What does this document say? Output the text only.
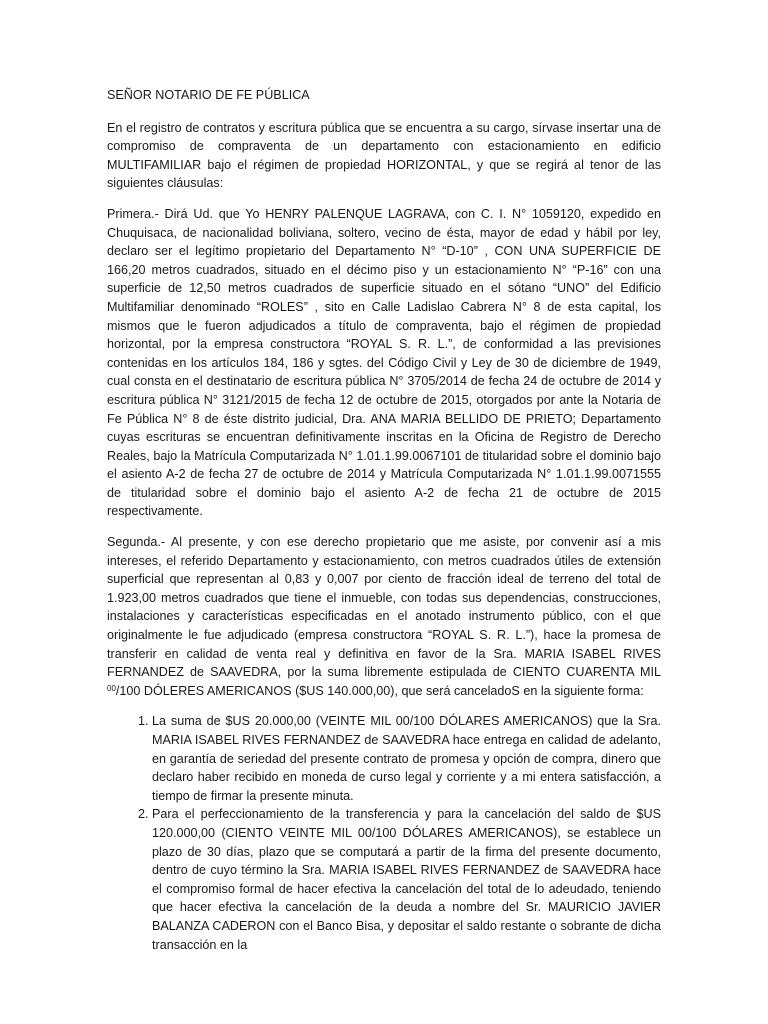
SEÑOR NOTARIO DE FE PÚBLICA

En el registro de contratos y escritura pública que se encuentra a su cargo, sírvase insertar una de compromiso de compraventa de un departamento con estacionamiento en edificio MULTIFAMILIAR bajo el régimen de propiedad HORIZONTAL, y que se regirá al tenor de las siguientes cláusulas:

Primera.- Dirá Ud. que Yo HENRY PALENQUE LAGRAVA, con C. I. N° 1059120, expedido en Chuquisaca, de nacionalidad boliviana, soltero, vecino de ésta, mayor de edad y hábil por ley, declaro ser el legítimo propietario del Departamento N° “D-10” , CON UNA SUPERFICIE DE 166,20 metros cuadrados, situado en el décimo piso y un estacionamiento N° “P-16” con una superficie de 12,50 metros cuadrados de superficie situado en el sótano “UNO” del Edificio Multifamiliar denominado “ROLES” , sito en Calle Ladislao Cabrera N° 8 de esta capital, los mismos que le fueron adjudicados a título de compraventa, bajo el régimen de propiedad horizontal, por la empresa constructora “ROYAL S. R. L.”, de conformidad a las previsiones contenidas en los artículos 184, 186 y sgtes. del Código Civil y Ley de 30 de diciembre de 1949, cual consta en el destinatario de escritura pública N° 3705/2014 de fecha 24 de octubre de 2014 y escritura pública N° 3121/2015 de fecha 12 de octubre de 2015, otorgados por ante la Notaria de Fe Pública N° 8 de éste distrito judicial, Dra. ANA MARIA BELLIDO DE PRIETO; Departamento cuyas escrituras se encuentran definitivamente inscritas en la Oficina de Registro de Derecho Reales, bajo la Matrícula Computarizada N° 1.01.1.99.0067101 de titularidad sobre el dominio bajo el asiento A-2 de fecha 27 de octubre de 2014 y Matrícula Computarizada N° 1.01.1.99.0071555 de titularidad sobre el dominio bajo el asiento A-2 de fecha 21 de octubre de 2015 respectivamente.

Segunda.- Al presente, y con ese derecho propietario que me asiste, por convenir así a mis intereses, el referido Departamento y estacionamiento, con metros cuadrados útiles de extensión superficial que representan al 0,83 y 0,007 por ciento de fracción ideal de terreno del total de 1.923,00 metros cuadrados que tiene el inmueble, con todas sus dependencias, construcciones, instalaciones y características especificadas en el anotado instrumento público, con el que originalmente le fue adjudicado (empresa constructora “ROYAL S. R. L.”), hace la promesa de transferir en calidad de venta real y definitiva en favor de la Sra. MARIA ISABEL RIVES FERNANDEZ de SAAVEDRA, por la suma libremente estipulada de CIENTO CUARENTA MIL $^{00}$/100 DÓLERES AMERICANOS ($US 140.000,00), que será canceladoS en la siguiente forma:

1. La suma de $US 20.000,00 (VEINTE MIL 00/100 DÓLARES AMERICANOS) que la Sra. MARIA ISABEL RIVES FERNANDEZ de SAAVEDRA hace entrega en calidad de adelanto, en garantía de seriedad del presente contrato de promesa y opción de compra, dinero que declaro haber recibido en moneda de curso legal y corriente y a mi entera satisfacción, a tiempo de firmar la presente minuta.
2. Para el perfeccionamiento de la transferencia y para la cancelación del saldo de $US 120.000,00 (CIENTO VEINTE MIL 00/100 DÓLARES AMERICANOS), se establece un plazo de 30 días, plazo que se computará a partir de la firma del presente documento, dentro de cuyo término la Sra. MARIA ISABEL RIVES FERNANDEZ de SAAVEDRA hace el compromiso formal de hacer efectiva la cancelación del total de lo adeudado, teniendo que hacer efectiva la cancelación de la deuda a nombre del Sr. MAURICIO JAVIER BALANZA CADERON con el Banco Bisa, y depositar el saldo restante o sobrante de dicha transacción en la
